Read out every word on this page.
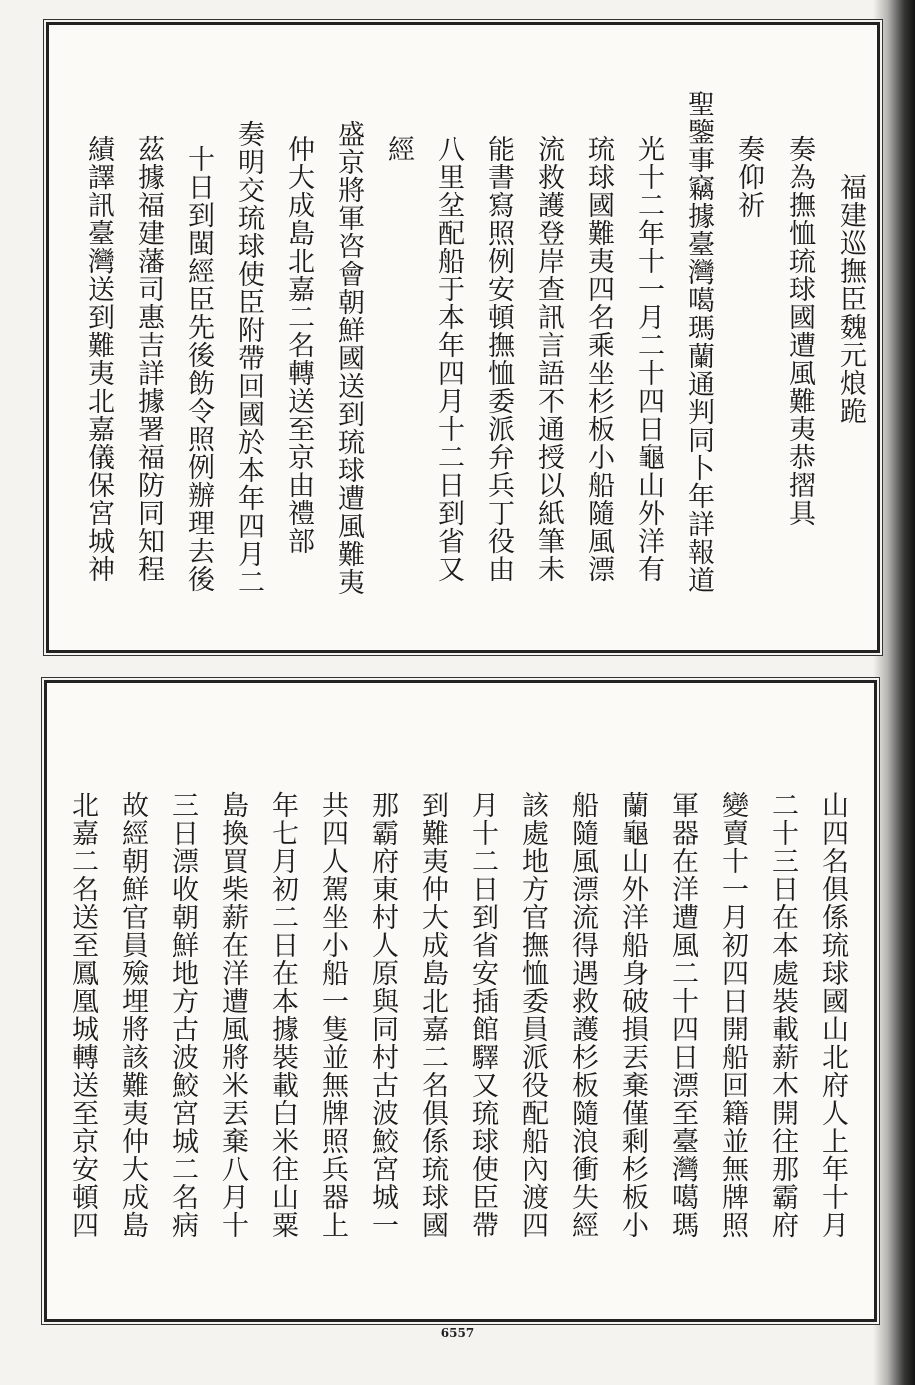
福建巡撫臣魏元烺跪
奏為撫恤琉球國遭風難夷恭摺具
奏仰祈
聖鑒事竊據臺灣噶瑪蘭通判同卜年詳報道
光十二年十一月二十四日龜山外洋有
琉球國難夷四名乘坐杉板小船隨風漂
流救護登岸查訊言語不通授以紙筆未
能書寫照例安頓撫恤委派弁兵丁役由
八里坌配船于本年四月十二日到省又
經
盛京將軍咨會朝鮮國送到琉球遭風難夷
仲大成島北嘉二名轉送至京由禮部
奏明交琉球使臣附帶回國於本年四月二
十日到閩經臣先後飭令照例辦理去後
茲據福建藩司惠吉詳據署福防同知程
績譯訊臺灣送到難夷北嘉儀保宮城神
山四名俱係琉球國山北府人上年十月
二十三日在本處裝載薪木開往那霸府
變賣十一月初四日開船回籍並無牌照
軍器在洋遭風二十四日漂至臺灣噶瑪
蘭龜山外洋船身破損丟棄僅剩杉板小
船隨風漂流得遇救護杉板隨浪衝失經
該處地方官撫恤委員派役配船內渡四
月十二日到省安插館驛又琉球使臣帶
到難夷仲大成島北嘉二名俱係琉球國
那霸府東村人原與同村古波鮫宮城一
共四人駕坐小船一隻並無牌照兵器上
年七月初二日在本據裝載白米往山粟
島換買柴薪在洋遭風將米丟棄八月十
三日漂收朝鮮地方古波鮫宮城二名病
故經朝鮮官員殮埋將該難夷仲大成島
北嘉二名送至鳳凰城轉送至京安頓四
6557
